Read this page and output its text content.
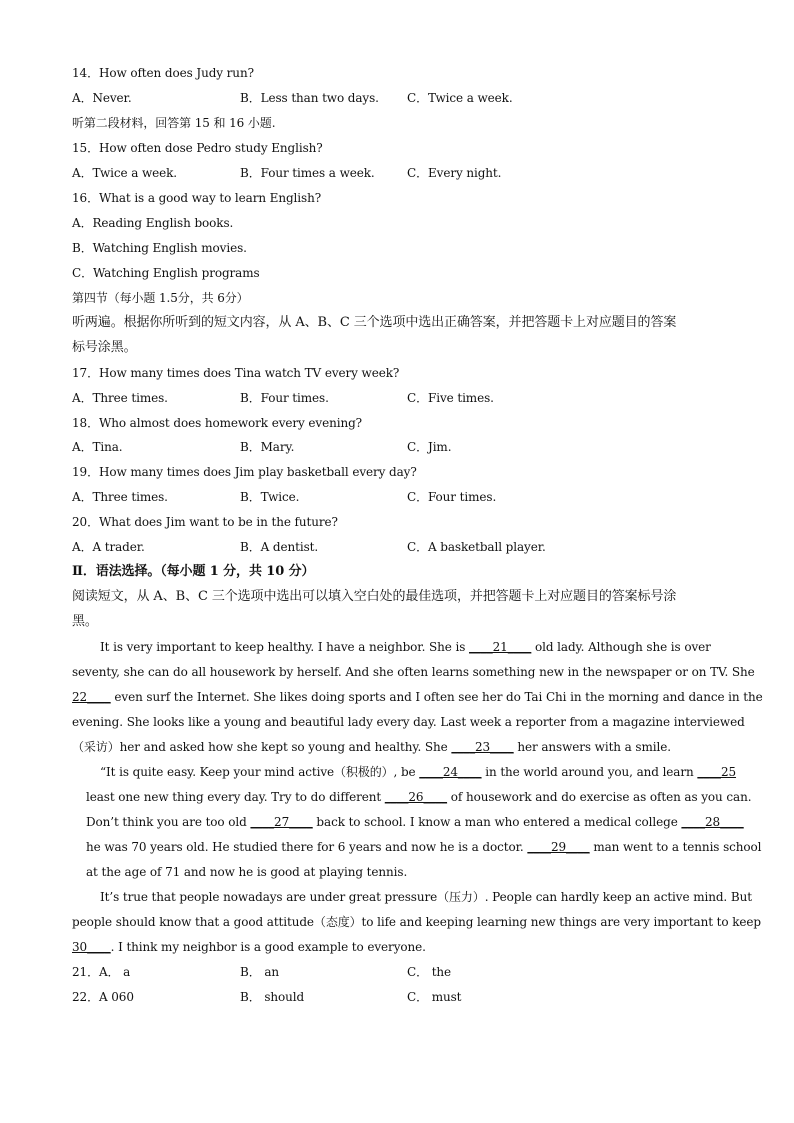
14．How often does Judy run?
A．Never.	B．Less than two days. C．Twice a week.
听第二段材料，回答第 15 和 16 小题.
15．How often dose Pedro study English?
A．Twice a week.	B．Four times a week.	C．Every night.
16．What is a good way to learn English?
A．Reading English books.
B．Watching English movies.
C．Watching English programs
第四节（每小题 1.5分，共 6分）
听两遍。根据你所听到的短文内容，从 A、B、C 三个选项中选出正确答案，并把答题卡上对应题目的答案
标号涂黑。
17．How many times does Tina watch TV every week?
A．Three times.	B．Four times.	C．Five times.
18．Who almost does homework every evening?
A．Tina.	B．Mary.	C．Jim.
19．How many times does Jim play basketball every day?
A．Three times.	B．Twice.	C．Four times.
20．What does Jim want to be in the future?
A．A trader.	B．A dentist.	C．A basketball player.
Ⅱ．语法选择。（每小题 1 分，共 10 分）
阅读短文，从 A、B、C 三个选项中选出可以填入空白处的最佳选项，并把答题卡上对应题目的答案标号涂
黑。
It is very important to keep healthy. I have a neighbor. She is ____21____ old lady. Although she is over
seventy, she can do all housework by herself. And she often learns something new in the newspaper or on TV. She
22____ even surf the Internet. She likes doing sports and I often see her do Tai Chi in the morning and dance in the
evening. She looks like a young and beautiful lady every day. Last week a reporter from a magazine interviewed
（采访）her and asked how she kept so young and healthy. She ____23____ her answers with a smile.
“It is quite easy. Keep your mind active（积极的）, be ____24____ in the world around you, and learn ____25
least one new thing every day. Try to do different ____26____ of housework and do exercise as often as you can.
Don’t think you are too old ____27____ back to school. I know a man who entered a medical college ____28____
he was 70 years old. He studied there for 6 years and now he is a doctor. ____29____ man went to a tennis school
at the age of 71 and now he is good at playing tennis.
It’s true that people nowadays are under great pressure（压力）. People can hardly keep an active mind. But
people should know that a good attitude（态度）to life and keeping learning new things are very important to keep
30____. I think my neighbor is a good example to everyone.
21．A． a	B． an	C． the
22．A 060	B． should	C． must
